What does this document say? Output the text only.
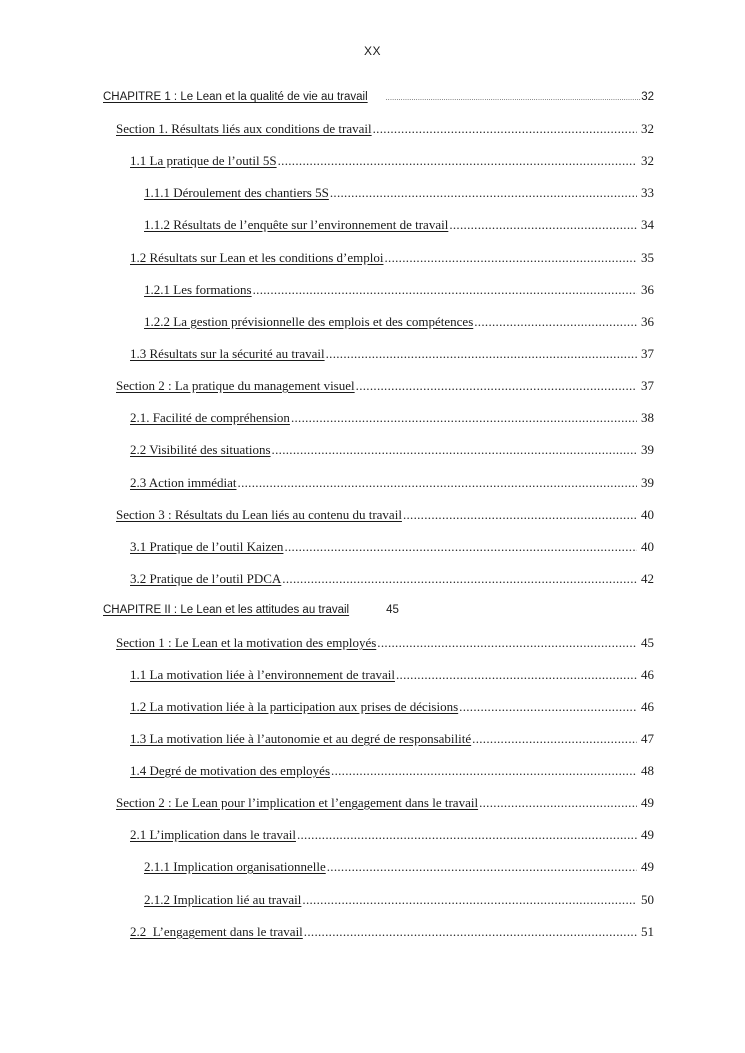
XX
CHAPITRE 1 : Le Lean et la qualité de vie au travail .....	32
Section 1. Résultats liés aux conditions de travail .....	32
1.1 La pratique de l’outil 5S .....	32
1.1.1 Déroulement des chantiers 5S .....	33
1.1.2 Résultats de l’enquête sur l’environnement de travail .....	34
1.2 Résultats sur Lean et les conditions d’emploi .....	35
1.2.1 Les formations .....	36
1.2.2 La gestion prévisionnelle des emplois et des compétences .....	36
1.3 Résultats sur la sécurité au travail .....	37
Section 2 : La pratique du management visuel .....	37
2.1. Facilité de compréhension .....	38
2.2 Visibilité des situations .....	39
2.3 Action immédiat .....	39
Section 3 : Résultats du Lean liés au contenu du travail .....	40
3.1 Pratique de l’outil Kaizen .....	40
3.2 Pratique de l’outil PDCA .....	42
CHAPITRE II : Le Lean et les attitudes au travail	45
Section 1 : Le Lean et la motivation des employés .....	45
1.1 La motivation liée à l’environnement de travail .....	46
1.2 La motivation liée à la participation aux prises de décisions .....	46
1.3 La motivation liée à l’autonomie et au degré de responsabilité .....	47
1.4 Degré de motivation des employés .....	48
Section 2 : Le Lean pour l’implication et l’engagement dans le travail .....	49
2.1 L’implication dans le travail .....	49
2.1.1 Implication organisationnelle .....	49
2.1.2 Implication lié au travail .....	50
2.2  L’engagement dans le travail .....	51
